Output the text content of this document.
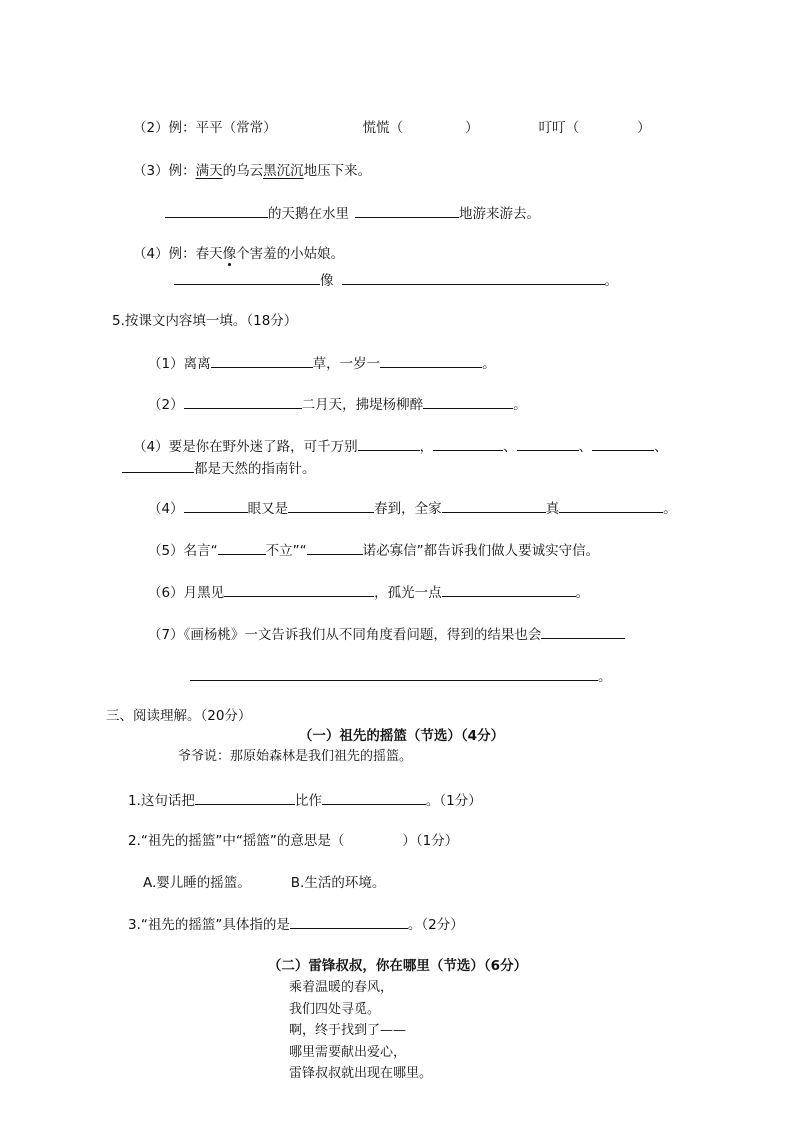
（2）例：平平（常常）	慌慌（	）	叮叮（	）
（3）例：满天的乌云黑沉沉地压下来。
的天鹅在水里	地游来游去。
（4）例：春天像个害羞的小姑娘。
像	。
5.按课文内容填一填。（18分）
（1）离离	草，一岁一	。
（2）	二月天，拂堤杨柳醉	。
（4）要是你在野外迷了路，可千万别	，	、	、	、
都是天然的指南针。
（4）	眼又是	春到，全家	真	。
（5）名言“	不立”“	诺必寡信”都告诉我们做人要诚实守信。
（6）月黑见	，孤光一点	。
（7）《画杨桃》一文告诉我们从不同角度看问题，得到的结果也会
。
三、阅读理解。（20分）
（一）祖先的摇篮（节选）（4分）
爷爷说：那原始森林是我们祖先的摇篮。
1.这句话把	比作	。（1分）
2.“祖先的摇篮”中“摇篮”的意思是（	）（1分）
A.婴儿睡的摇篮。	B.生活的环境。
3.“祖先的摇篮”具体指的是	。（2分）
（二）雷锋叔叔，你在哪里（节选）（6分）
乘着温暖的春风，
我们四处寻觅。
啊，终于找到了——
哪里需要献出爱心，
雷锋叔叔就出现在哪里。
